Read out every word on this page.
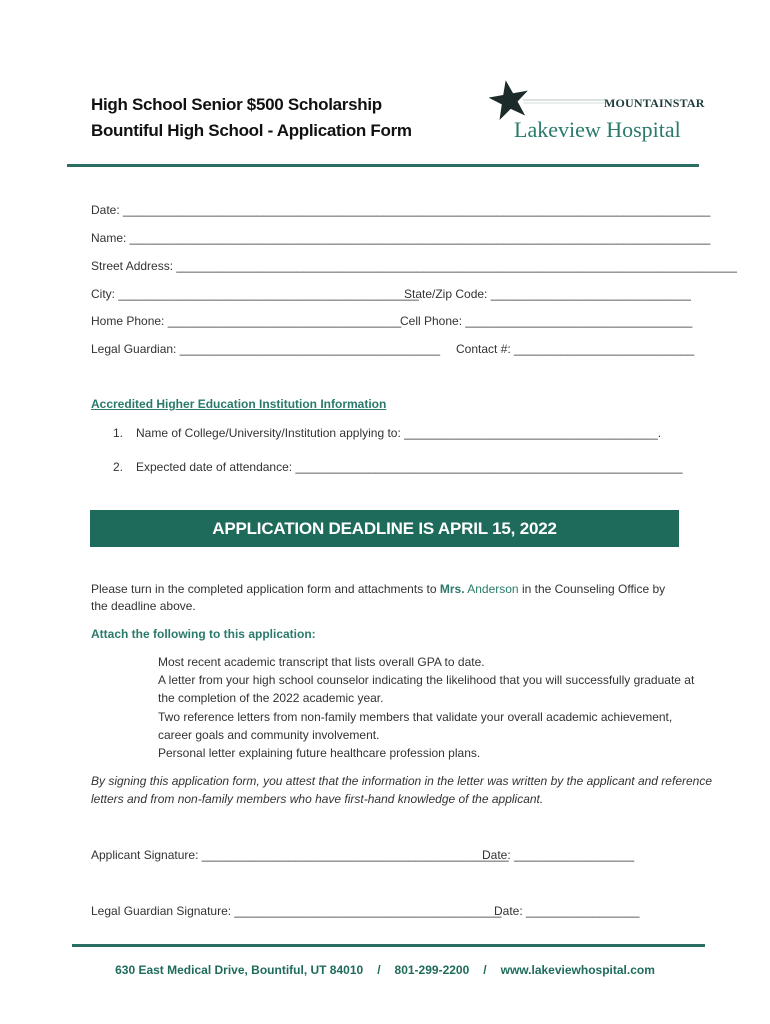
High School Senior $500 Scholarship
Bountiful High School - Application Form
MOUNTAINSTAR
Lakeview Hospital
Date: ________________________________________________________________________________________
Name: _______________________________________________________________________________________
Street Address: ____________________________________________________________________________________
City: _____________________________________________
State/Zip Code: ______________________________
Home Phone: ___________________________________
Cell Phone: __________________________________
Legal Guardian: _______________________________________ Contact #: ___________________________
Accredited Higher Education Institution Information
1. Name of College/University/Institution applying to: ______________________________________.
2. Expected date of attendance: __________________________________________________________
APPLICATION DEADLINE IS APRIL 15, 2022
Please turn in the completed application form and attachments to Mrs. Anderson in the Counseling Office by
the deadline above.
Attach the following to this application:
Most recent academic transcript that lists overall GPA to date.
A letter from your high school counselor indicating the likelihood that you will successfully graduate at
the completion of the 2022 academic year.
Two reference letters from non-family members that validate your overall academic achievement,
career goals and community involvement.
Personal letter explaining future healthcare profession plans.
By signing this application form, you attest that the information in the letter was written by the applicant and reference
letters and from non-family members who have first-hand knowledge of the applicant.
Applicant Signature: ______________________________________________
Date: __________________
Legal Guardian Signature: ________________________________________
Date: _________________
630 East Medical Drive, Bountiful, UT 84010 / 801-299-2200 / www.lakeviewhospital.com
